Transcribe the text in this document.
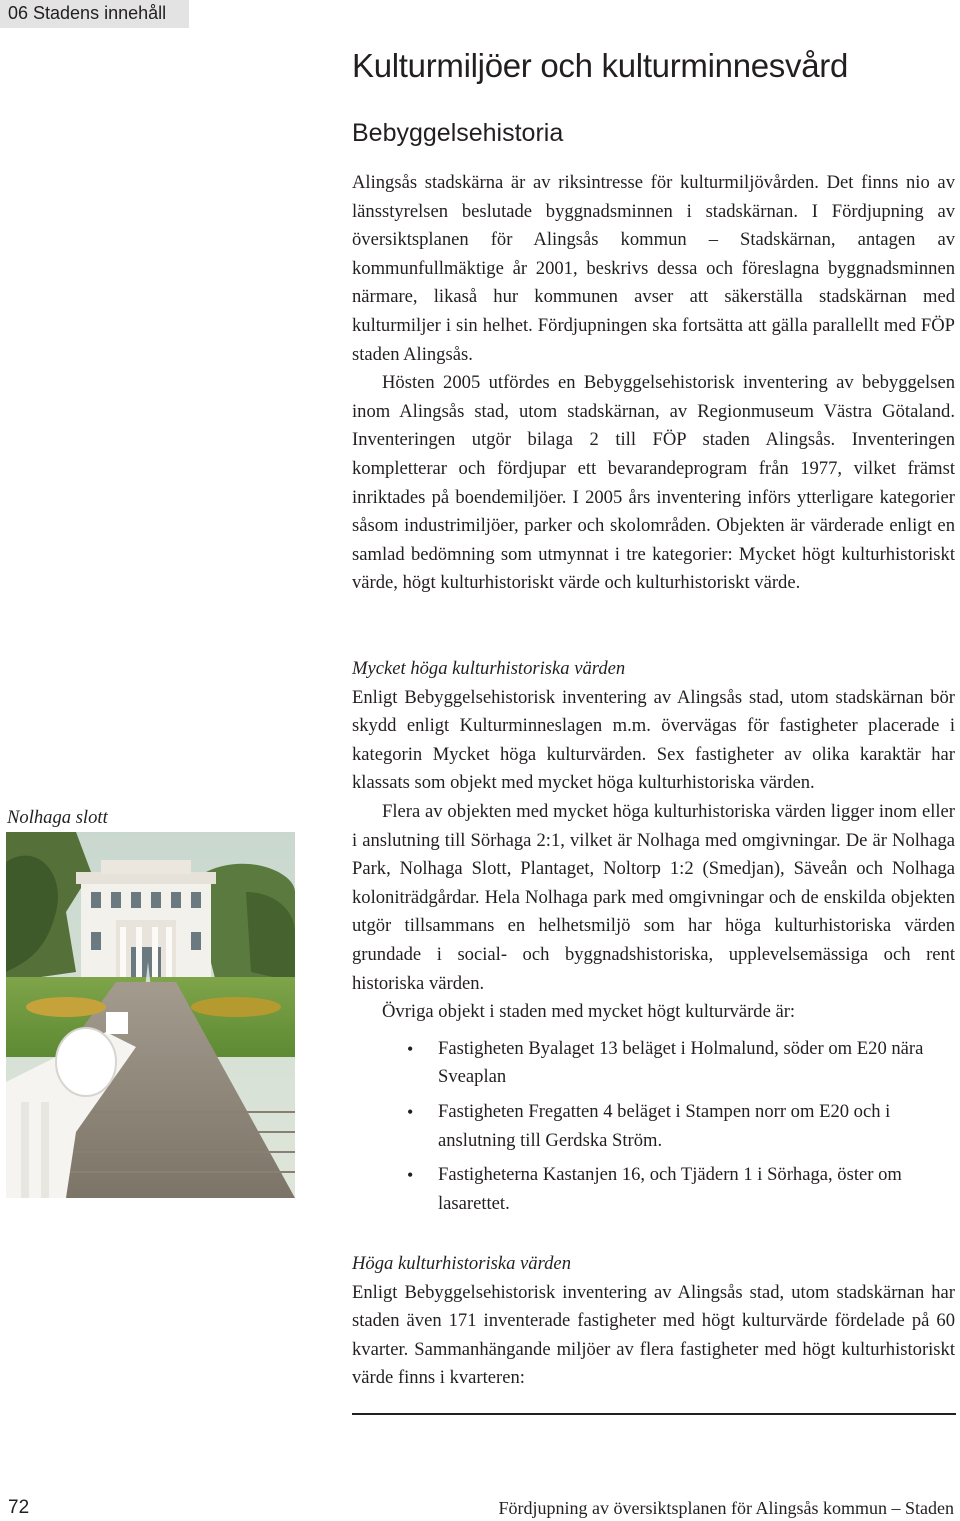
06 Stadens innehåll
Kulturmiljöer och kulturminnesvård
Bebyggelsehistoria

Alingsås stadskärna är av riksintresse för kulturmiljövården. Det finns nio av länsstyrelsen beslutade byggnadsminnen i stadskärnan. I Fördjupning av översiktsplanen för Alingsås kommun – Stadskärnan, antagen av kommunfullmäktige år 2001, beskrivs dessa och föreslagna byggnadsminnen närmare, likaså hur kommunen avser att säkerställa stadskärnan med kulturmiljer i sin helhet. Fördjupningen ska fortsätta att gälla parallellt med FÖP staden Alingsås.

Hösten 2005 utfördes en Bebyggelsehistorisk inventering av bebyggelsen inom Alingsås stad, utom stadskärnan, av Regionmuseum Västra Götaland. Inventeringen utgör bilaga 2 till FÖP staden Alingsås. Inventeringen kompletterar och fördjupar ett bevarandeprogram från 1977, vilket främst inriktades på boendemiljöer. I 2005 års inventering införs ytterligare kategorier såsom industrimiljöer, parker och skolområden. Objekten är värderade enligt en samlad bedömning som utmynnat i tre kategorier: Mycket högt kulturhistoriskt värde, högt kulturhistoriskt värde och kulturhistoriskt värde.

Mycket höga kulturhistoriska värden

Enligt Bebyggelsehistorisk inventering av Alingsås stad, utom stadskärnan bör skydd enligt Kulturminneslagen m.m. övervägas för fastigheter placerade i kategorin Mycket höga kulturvärden. Sex fastigheter av olika karaktär har klassats som objekt med mycket höga kulturhistoriska värden.

Flera av objekten med mycket höga kulturhistoriska värden ligger inom eller i anslutning till Sörhaga 2:1, vilket är Nolhaga med omgivningar. De är Nolhaga Park, Nolhaga Slott, Plantaget, Noltorp 1:2 (Smedjan), Säveån och Nolhaga koloniträdgårdar. Hela Nolhaga park med omgivningar och de enskilda objekten utgör tillsammans en helhetsmiljö som har höga kulturhistoriska värden grundade i social- och byggnadshistoriska, upplevelsemässiga och rent historiska värden.

Övriga objekt i staden med mycket högt kulturvärde är:

• Fastigheten Byalaget 13 beläget i Holmalund, söder om E20 nära Sveaplan
• Fastigheten Fregatten 4 beläget i Stampen norr om E20 och i anslutning till Gerdska Ström.
• Fastigheterna Kastanjen 16, och Tjädern 1 i Sörhaga, öster om lasarettet.

Höga kulturhistoriska värden

Enligt Bebyggelsehistorisk inventering av Alingsås stad, utom stadskärnan har staden även 171 inventerade fastigheter med högt kulturvärde fördelade på 60 kvarter. Sammanhängande miljöer av flera fastigheter med högt kulturhistoriskt värde finns i kvarteren:

Nolhaga slott
72	Fördjupning av översiktsplanen för Alingsås kommun – Staden
